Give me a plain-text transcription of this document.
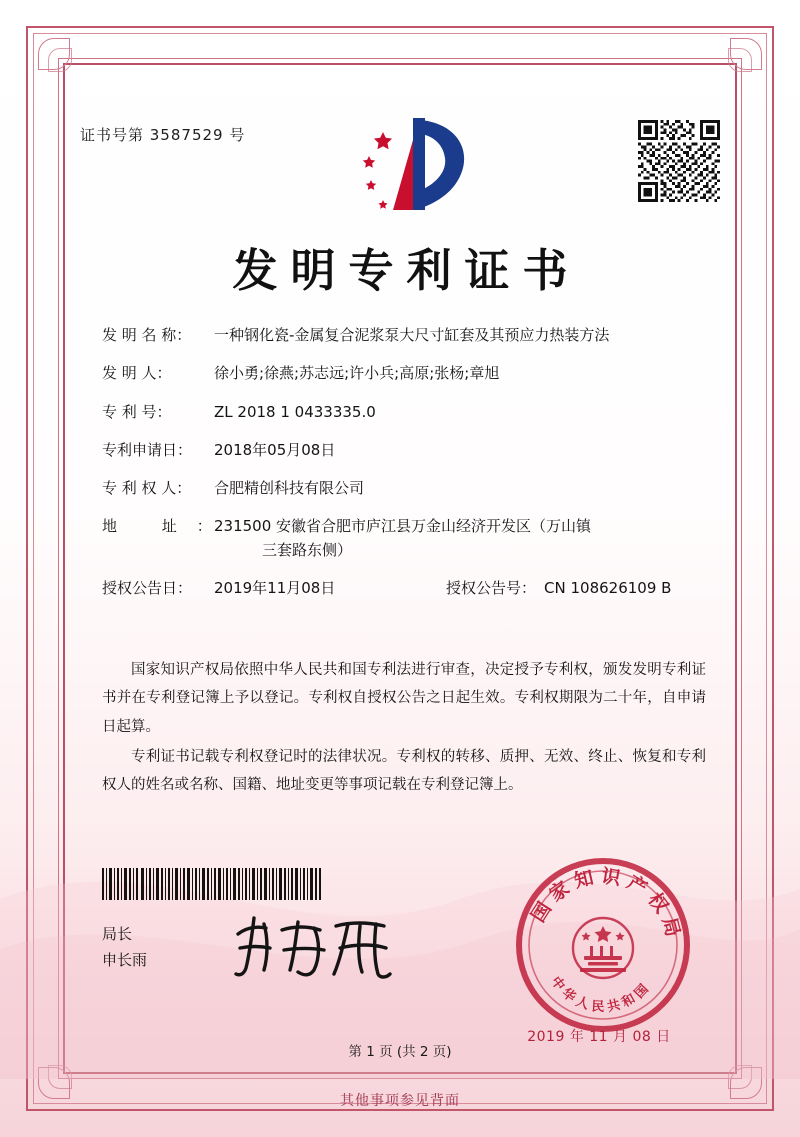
证书号第 3587529 号
发明专利证书
发 明 名 称：	一种钢化瓷-金属复合泥浆泵大尺寸缸套及其预应力热装方法
发 明 人：	徐小勇;徐燕;苏志远;许小兵;高原;张杨;章旭
专 利 号：	ZL 2018 1 0433335.0
专利申请日：	2018年05月08日
专 利 权 人：	合肥精创科技有限公司
地 址：
231500 安徽省合肥市庐江县万金山经济开发区（万山镇
三套路东侧）
授权公告日：	2019年11月08日	授权公告号： CN 108626109 B

国家知识产权局依照中华人民共和国专利法进行审查，决定授予专利权，颁发发明专利证书并在专利登记簿上予以登记。专利权自授权公告之日起生效。专利权期限为二十年，自申请日起算。

专利证书记载专利权登记时的法律状况。专利权的转移、质押、无效、终止、恢复和专利权人的姓名或名称、国籍、地址变更等事项记载在专利登记簿上。

局长
申长雨
国家知识产权局
中华人民共和国
2019 年 11 月 08 日
第 1 页 (共 2 页)
其他事项参见背面
